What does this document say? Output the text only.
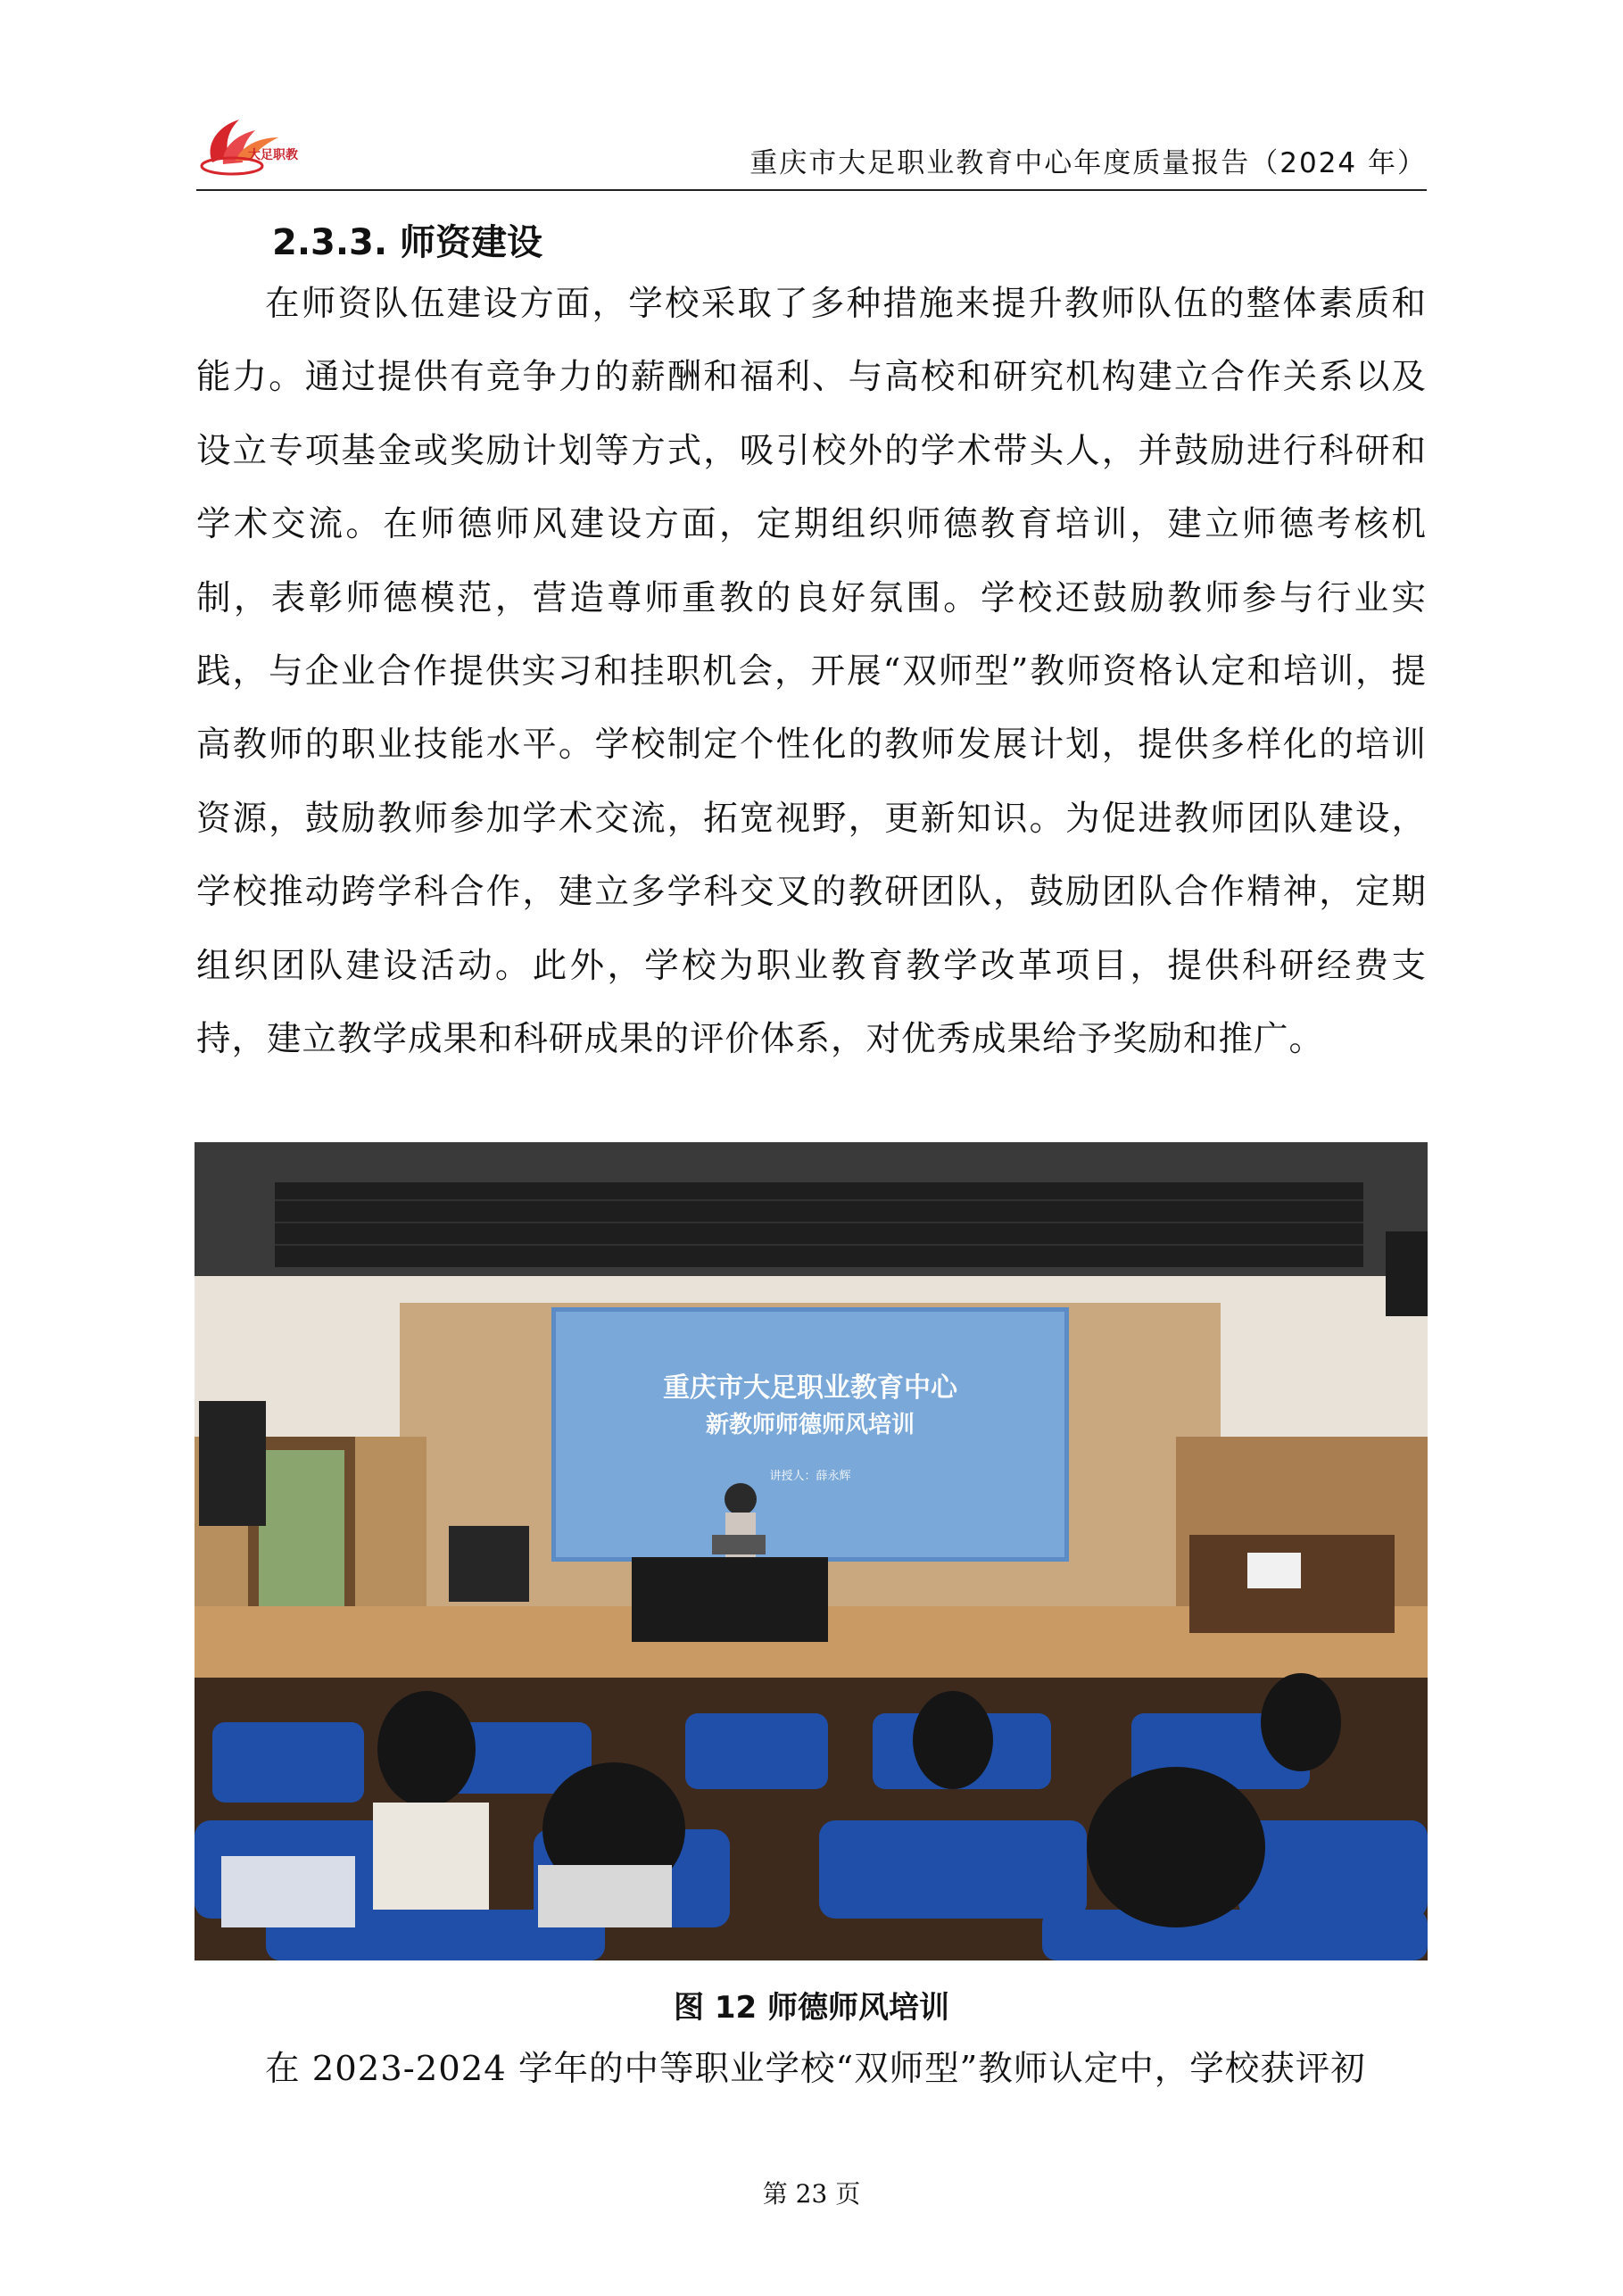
大足职教	重庆市大足职业教育中心年度质量报告（2024 年）
2.3.3. 师资建设

在师资队伍建设方面，学校采取了多种措施来提升教师队伍的整体素质和能力。通过提供有竞争力的薪酬和福利、与高校和研究机构建立合作关系以及设立专项基金或奖励计划等方式，吸引校外的学术带头人，并鼓励进行科研和学术交流。在师德师风建设方面，定期组织师德教育培训，建立师德考核机制，表彰师德模范，营造尊师重教的良好氛围。学校还鼓励教师参与行业实践，与企业合作提供实习和挂职机会，开展“双师型”教师资格认定和培训，提高教师的职业技能水平。学校制定个性化的教师发展计划，提供多样化的培训资源，鼓励教师参加学术交流，拓宽视野，更新知识。为促进教师团队建设，学校推动跨学科合作，建立多学科交叉的教研团队，鼓励团队合作精神，定期组织团队建设活动。此外，学校为职业教育教学改革项目，提供科研经费支持，建立教学成果和科研成果的评价体系，对优秀成果给予奖励和推广。

重庆市大足职业教育中心
新教师师德师风培训
讲授人：薛永辉
图 12 师德师风培训

在 2023-2024 学年的中等职业学校“双师型”教师认定中，学校获评初

第 23 页
